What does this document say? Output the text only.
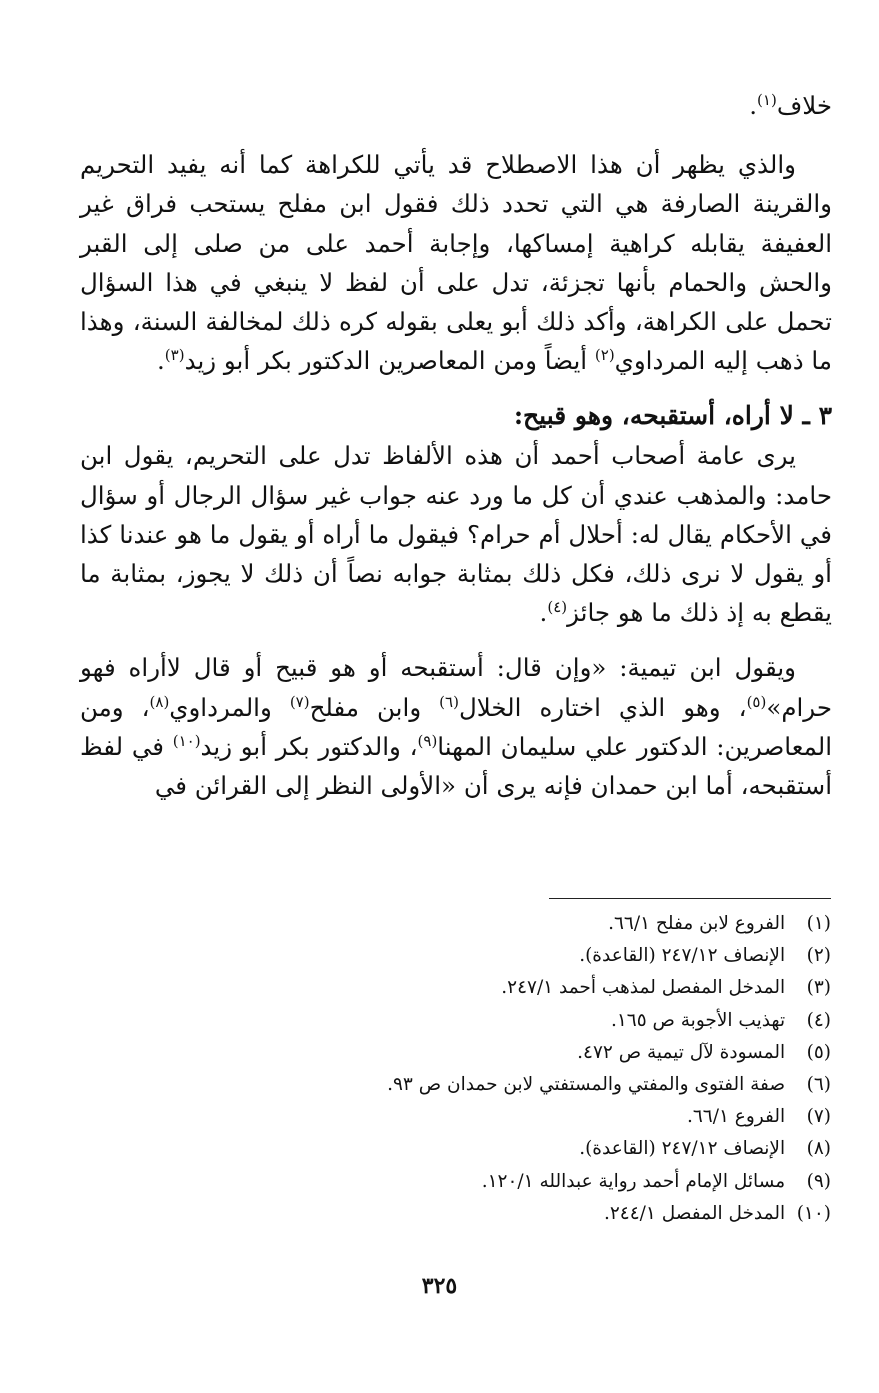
خلاف$^{(١)}$.

والذي يظهر أن هذا الاصطلاح قد يأتي للكراهة كما أنه يفيد التحريم والقرينة الصارفة هي التي تحدد ذلك فقول ابن مفلح يستحب فراق غير العفيفة يقابله كراهية إمساكها، وإجابة أحمد على من صلى إلى القبر والحش والحمام بأنها تجزئة، تدل على أن لفظ لا ينبغي في هذا السؤال تحمل على الكراهة، وأكد ذلك أبو يعلى بقوله كره ذلك لمخالفة السنة، وهذا ما ذهب إليه المرداوي$^{(٢)}$ أيضاً ومن المعاصرين الدكتور بكر أبو زيد$^{(٣)}$.

٣ ـ لا أراه، أستقبحه، وهو قبيح:

يرى عامة أصحاب أحمد أن هذه الألفاظ تدل على التحريم، يقول ابن حامد: والمذهب عندي أن كل ما ورد عنه جواب غير سؤال الرجال أو سؤال في الأحكام يقال له: أحلال أم حرام؟ فيقول ما أراه أو يقول ما هو عندنا كذا أو يقول لا نرى ذلك، فكل ذلك بمثابة جوابه نصاً أن ذلك لا يجوز، بمثابة ما يقطع به إذ ذلك ما هو جائز$^{(٤)}$.

ويقول ابن تيمية: «وإن قال: أستقبحه أو هو قبيح أو قال لاأراه فهو حرام»$^{(٥)}$، وهو الذي اختاره الخلال$^{(٦)}$ وابن مفلح$^{(٧)}$ والمرداوي$^{(٨)}$، ومن المعاصرين: الدكتور علي سليمان المهنا$^{(٩)}$، والدكتور بكر أبو زيد$^{(١٠)}$ في لفظ أستقبحه، أما ابن حمدان فإنه يرى أن «الأولى النظر إلى القرائن في

(١) الفروع لابن مفلح ٦٦/١.
(٢) الإنصاف ٢٤٧/١٢ (القاعدة).
(٣) المدخل المفصل لمذهب أحمد ٢٤٧/١.
(٤) تهذيب الأجوبة ص ١٦٥.
(٥) المسودة لآل تيمية ص ٤٧٢.
(٦) صفة الفتوى والمفتي والمستفتي لابن حمدان ص ٩٣.
(٧) الفروع ٦٦/١.
(٨) الإنصاف ٢٤٧/١٢ (القاعدة).
(٩) مسائل الإمام أحمد رواية عبدالله ١٢٠/١.
(١٠) المدخل المفصل ٢٤٤/١.
٣٢٥
